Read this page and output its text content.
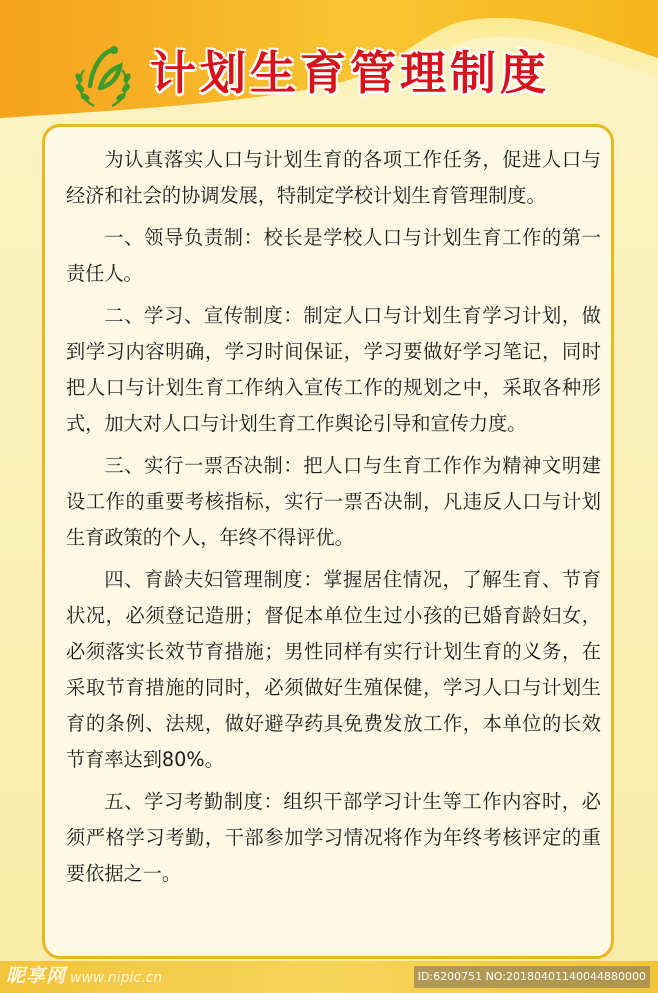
计划生育管理制度

为认真落实人口与计划生育的各项工作任务，促进人口与经济和社会的协调发展，特制定学校计划生育管理制度。

一、领导负责制：校长是学校人口与计划生育工作的第一责任人。

二、学习、宣传制度：制定人口与计划生育学习计划，做到学习内容明确，学习时间保证，学习要做好学习笔记，同时把人口与计划生育工作纳入宣传工作的规划之中，采取各种形式，加大对人口与计划生育工作舆论引导和宣传力度。

三、实行一票否决制：把人口与生育工作作为精神文明建设工作的重要考核指标，实行一票否决制，凡违反人口与计划生育政策的个人，年终不得评优。

四、育龄夫妇管理制度：掌握居住情况，了解生育、节育状况，必须登记造册；督促本单位生过小孩的已婚育龄妇女，必须落实长效节育措施；男性同样有实行计划生育的义务，在采取节育措施的同时，必须做好生殖保健，学习人口与计划生育的条例、法规，做好避孕药具免费发放工作，本单位的长效节育率达到80%。

五、学习考勤制度：组织干部学习计生等工作内容时，必须严格学习考勤，干部参加学习情况将作为年终考核评定的重要依据之一。

昵享网 www.nipic.cn	ID:6200751 NO:20180401140044880000
